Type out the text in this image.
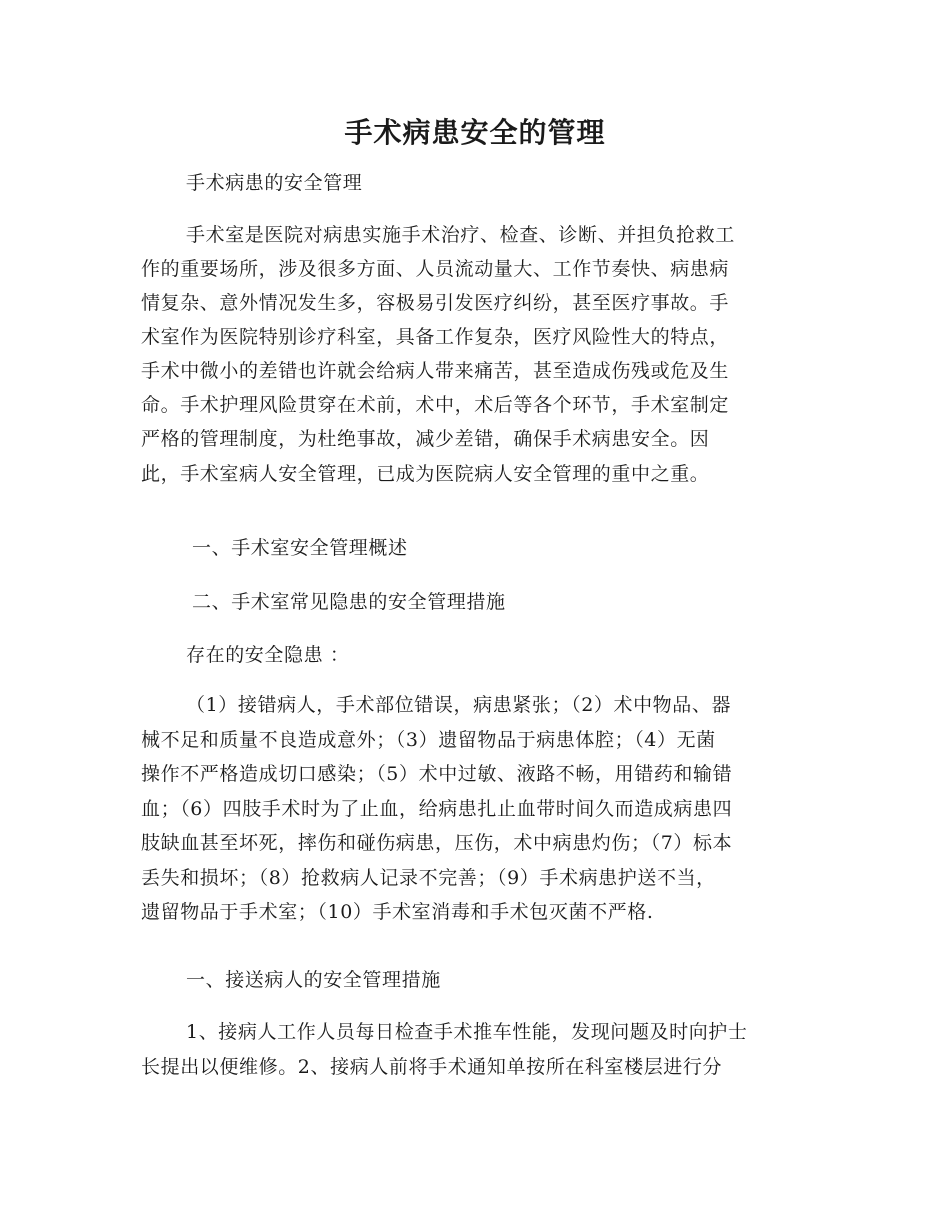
手术病患安全的管理

手术病患的安全管理

手术室是医院对病患实施手术治疗、检查、诊断、并担负抢救工

作的重要场所，涉及很多方面、人员流动量大、工作节奏快、病患病

情复杂、意外情况发生多，容极易引发医疗纠纷，甚至医疗事故。手

术室作为医院特别诊疗科室，具备工作复杂，医疗风险性大的特点，

手术中微小的差错也许就会给病人带来痛苦，甚至造成伤残或危及生

命。手术护理风险贯穿在术前，术中，术后等各个环节，手术室制定

严格的管理制度，为杜绝事故，减少差错，确保手术病患安全。因

此，手术室病人安全管理，已成为医院病人安全管理的重中之重。

一、手术室安全管理概述

二、手术室常见隐患的安全管理措施

存在的安全隐患 ：

（1）接错病人，手术部位错误，病患紧张；（2）术中物品、器

械不足和质量不良造成意外；（3）遗留物品于病患体腔；（4）无菌

操作不严格造成切口感染；（5）术中过敏、液路不畅，用错药和输错

血；（6）四肢手术时为了止血，给病患扎止血带时间久而造成病患四

肢缺血甚至坏死，摔伤和碰伤病患，压伤，术中病患灼伤；（7）标本

丢失和损坏；（8）抢救病人记录不完善；（9）手术病患护送不当，

遗留物品于手术室；（10）手术室消毒和手术包灭菌不严格.

一、接送病人的安全管理措施

1、接病人工作人员每日检查手术推车性能，发现问题及时向护士

长提出以便维修。2、接病人前将手术通知单按所在科室楼层进行分
